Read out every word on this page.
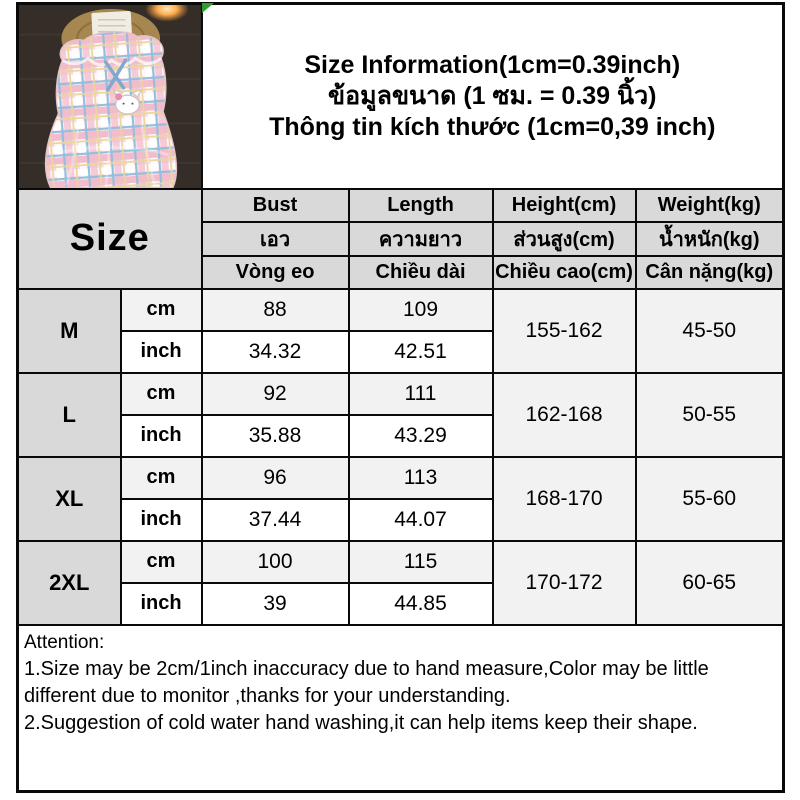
Size Information(1cm=0.39inch)
ข้อมูลขนาด (1 ซม. = 0.39 นิ้ว)
Thông tin kích thước (1cm=0,39 inch)			

Size		Bust	Length	Height(cm)	Weight(kg)
		เอว	ความยาว	ส่วนสูง(cm)	น้ำหนัก(kg)
		Vòng eo	Chiều dài	Chiều cao(cm)	Cân nặng(kg)
M	cm	88	109	155-162	45-50
	inch	34.32	42.51		
L	cm	92	111	162-168	50-55
	inch	35.88	43.29		
XL	cm	96	113	168-170	55-60
	inch	37.44	44.07		
2XL	cm	100	115	170-172	60-65
	inch	39	44.85		

Attention:
1.Size may be 2cm/1inch inaccuracy due to hand measure,Color may be little different due to monitor ,thanks for your understanding.
2.Suggestion of cold water hand washing,it can help items keep their shape.					
